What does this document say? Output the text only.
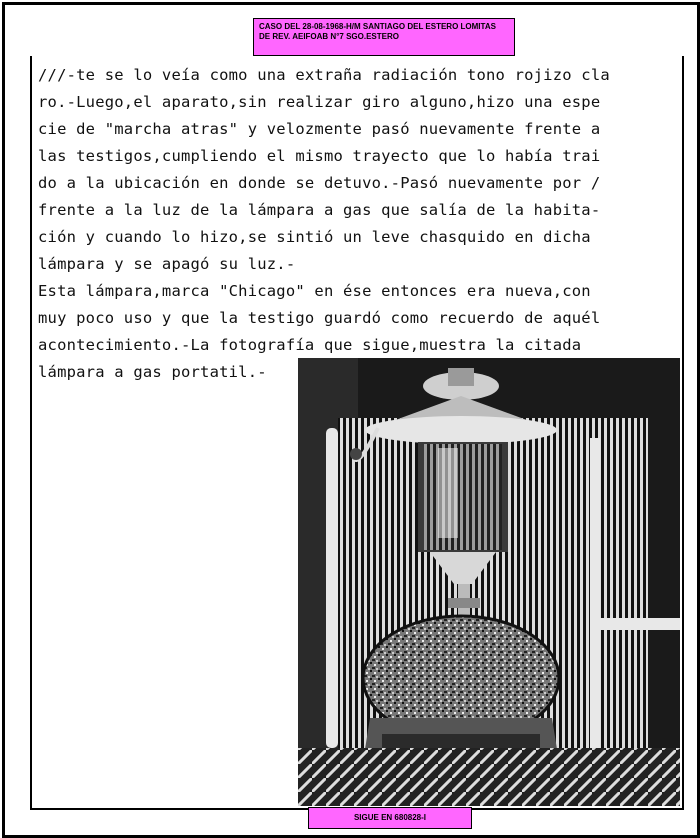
CASO DEL 28-08-1968-H/M SANTIAGO DEL ESTERO LOMITAS
DE REV. AEIFOAB N°7 SGO.ESTERO
///-te se lo veía como una extraña radiación tono rojizo cla
ro.-Luego,el aparato,sin realizar giro alguno,hizo una espe
cie de "marcha atras" y velozmente pasó nuevamente frente a
las testigos,cumpliendo el mismo trayecto que lo había trai
do a la ubicación en donde se detuvo.-Pasó nuevamente por /
frente a la luz de la lámpara a gas que salía de la habita-
ción y cuando lo hizo,se sintió un leve chasquido en dicha
lámpara y se apagó su luz.-
Esta lámpara,marca "Chicago" en ése entonces era nueva,con
muy poco uso y que la testigo guardó como recuerdo de aquél
acontecimiento.-La fotografía que sigue,muestra la citada
lámpara a gas portatil.-
SIGUE EN 680828-I
